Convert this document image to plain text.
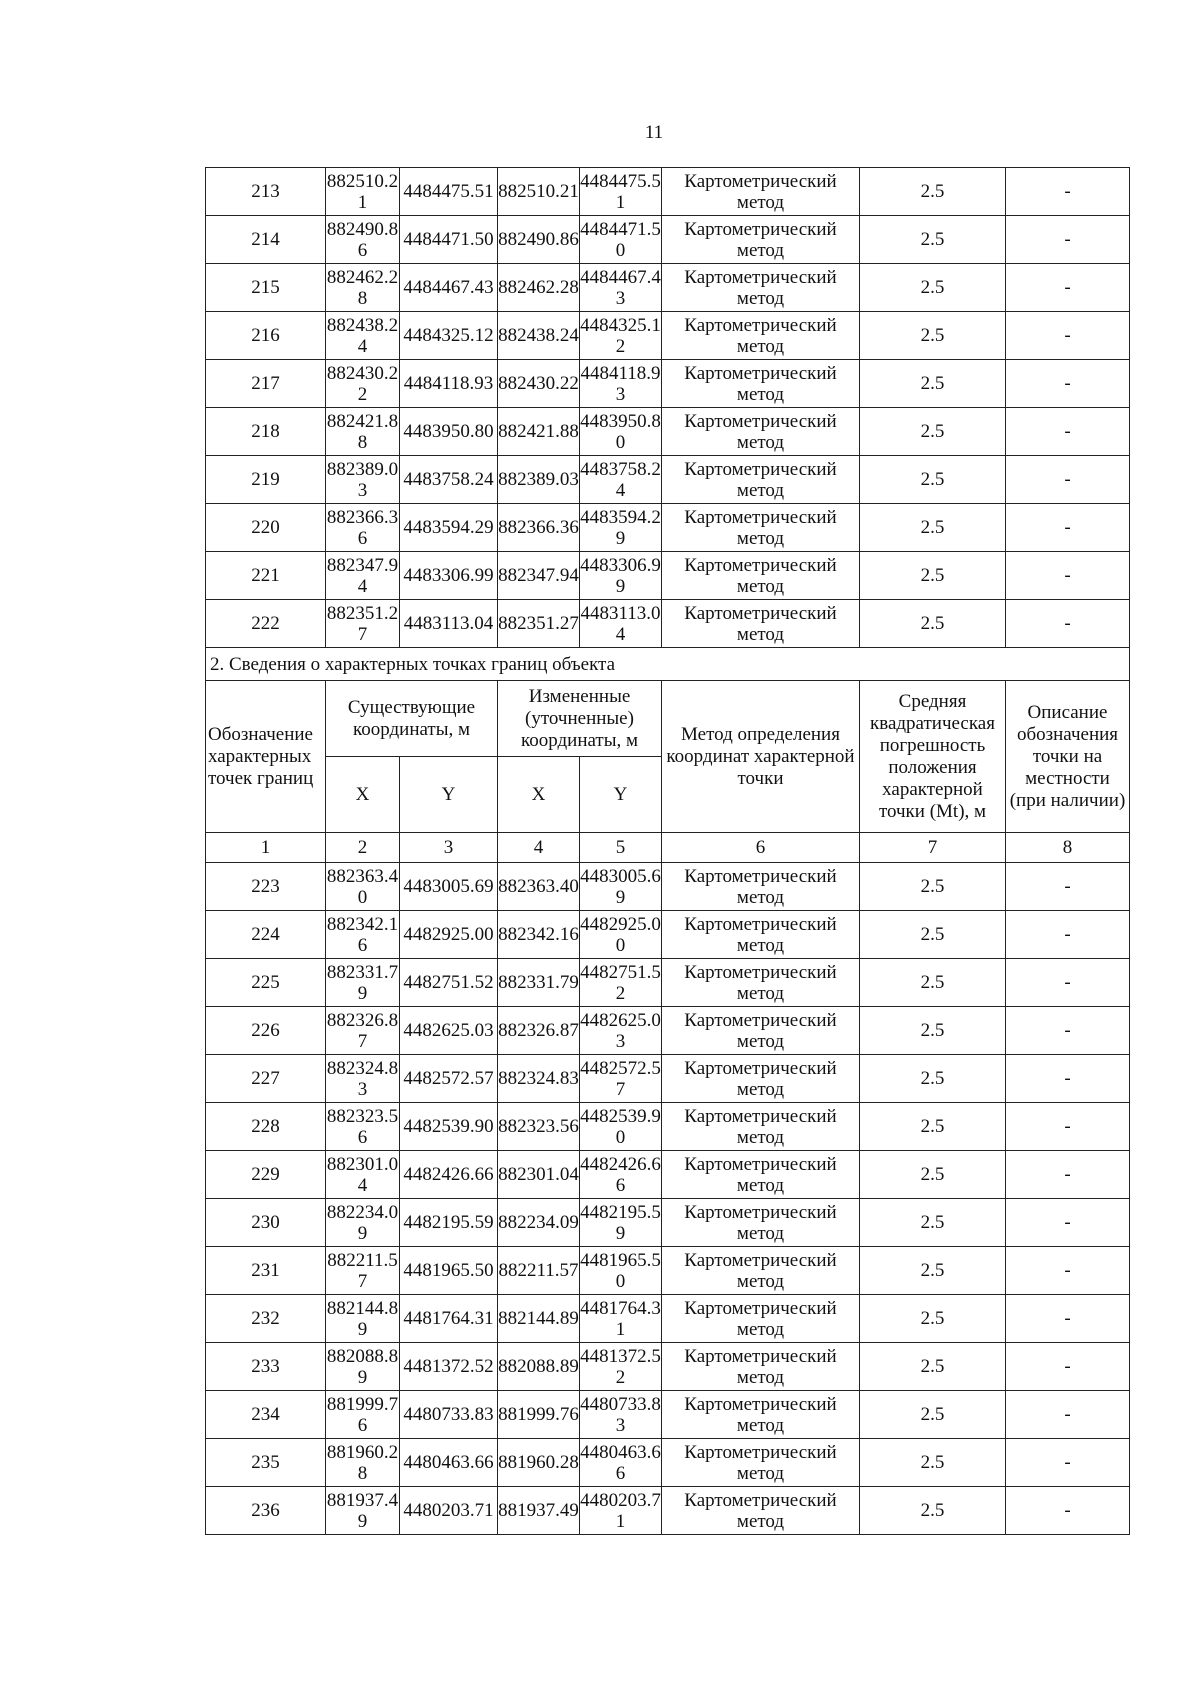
11
213	882510.21	4484475.51	882510.21	4484475.51	Картометрический метод	2.5	-
214	882490.86	4484471.50	882490.86	4484471.50	Картометрический метод	2.5	-
215	882462.28	4484467.43	882462.28	4484467.43	Картометрический метод	2.5	-
216	882438.24	4484325.12	882438.24	4484325.12	Картометрический метод	2.5	-
217	882430.22	4484118.93	882430.22	4484118.93	Картометрический метод	2.5	-
218	882421.88	4483950.80	882421.88	4483950.80	Картометрический метод	2.5	-
219	882389.03	4483758.24	882389.03	4483758.24	Картометрический метод	2.5	-
220	882366.36	4483594.29	882366.36	4483594.29	Картометрический метод	2.5	-
221	882347.94	4483306.99	882347.94	4483306.99	Картометрический метод	2.5	-
222	882351.27	4483113.04	882351.27	4483113.04	Картометрический метод	2.5	-
2. Сведения о характерных точках границ объекта							
Обозначение характерных точек границ	Существующие координаты, м		Измененные (уточненные) координаты, м		Метод определения координат характерной точки	Средняя квадратическая погрешность положения характерной точки (Mt), м	Описание обозначения точки на местности (при наличии)
	X	Y	X	Y			
1	2	3	4	5	6	7	8
223	882363.40	4483005.69	882363.40	4483005.69	Картометрический метод	2.5	-
224	882342.16	4482925.00	882342.16	4482925.00	Картометрический метод	2.5	-
225	882331.79	4482751.52	882331.79	4482751.52	Картометрический метод	2.5	-
226	882326.87	4482625.03	882326.87	4482625.03	Картометрический метод	2.5	-
227	882324.83	4482572.57	882324.83	4482572.57	Картометрический метод	2.5	-
228	882323.56	4482539.90	882323.56	4482539.90	Картометрический метод	2.5	-
229	882301.04	4482426.66	882301.04	4482426.66	Картометрический метод	2.5	-
230	882234.09	4482195.59	882234.09	4482195.59	Картометрический метод	2.5	-
231	882211.57	4481965.50	882211.57	4481965.50	Картометрический метод	2.5	-
232	882144.89	4481764.31	882144.89	4481764.31	Картометрический метод	2.5	-
233	882088.89	4481372.52	882088.89	4481372.52	Картометрический метод	2.5	-
234	881999.76	4480733.83	881999.76	4480733.83	Картометрический метод	2.5	-
235	881960.28	4480463.66	881960.28	4480463.66	Картометрический метод	2.5	-
236	881937.49	4480203.71	881937.49	4480203.71	Картометрический метод	2.5	-
